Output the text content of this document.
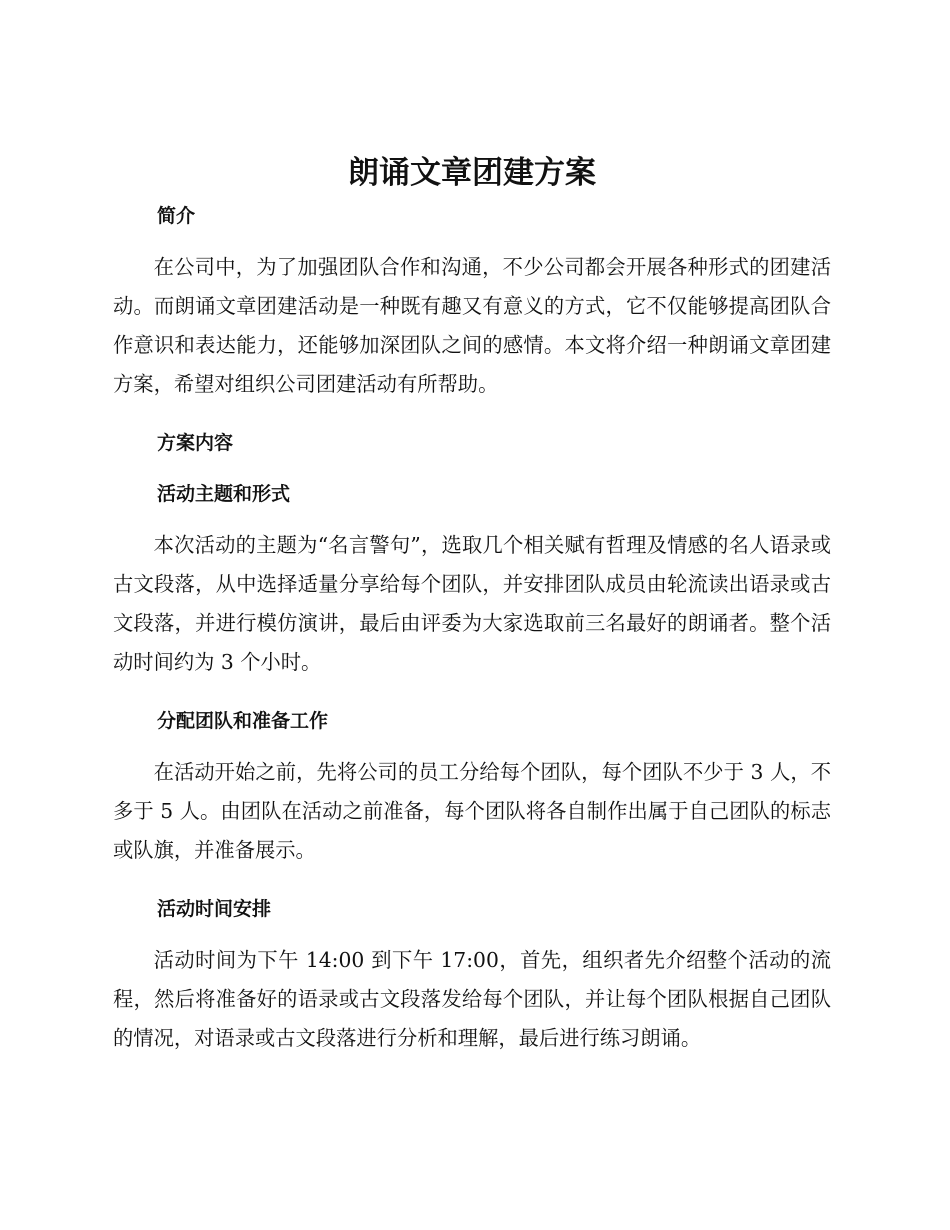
朗诵文章团建方案
简介

在公司中，为了加强团队合作和沟通，不少公司都会开展各种形式的团建活动。而朗诵文章团建活动是一种既有趣又有意义的方式，它不仅能够提高团队合作意识和表达能力，还能够加深团队之间的感情。本文将介绍一种朗诵文章团建方案，希望对组织公司团建活动有所帮助。

方案内容
活动主题和形式

本次活动的主题为“名言警句”，选取几个相关赋有哲理及情感的名人语录或古文段落，从中选择适量分享给每个团队，并安排团队成员由轮流读出语录或古文段落，并进行模仿演讲，最后由评委为大家选取前三名最好的朗诵者。整个活动时间约为 3 个小时。

分配团队和准备工作

在活动开始之前，先将公司的员工分给每个团队，每个团队不少于 3 人，不多于 5 人。由团队在活动之前准备，每个团队将各自制作出属于自己团队的标志或队旗，并准备展示。

活动时间安排

活动时间为下午 14:00 到下午 17:00，首先，组织者先介绍整个活动的流程，然后将准备好的语录或古文段落发给每个团队，并让每个团队根据自己团队的情况，对语录或古文段落进行分析和理解，最后进行练习朗诵。
